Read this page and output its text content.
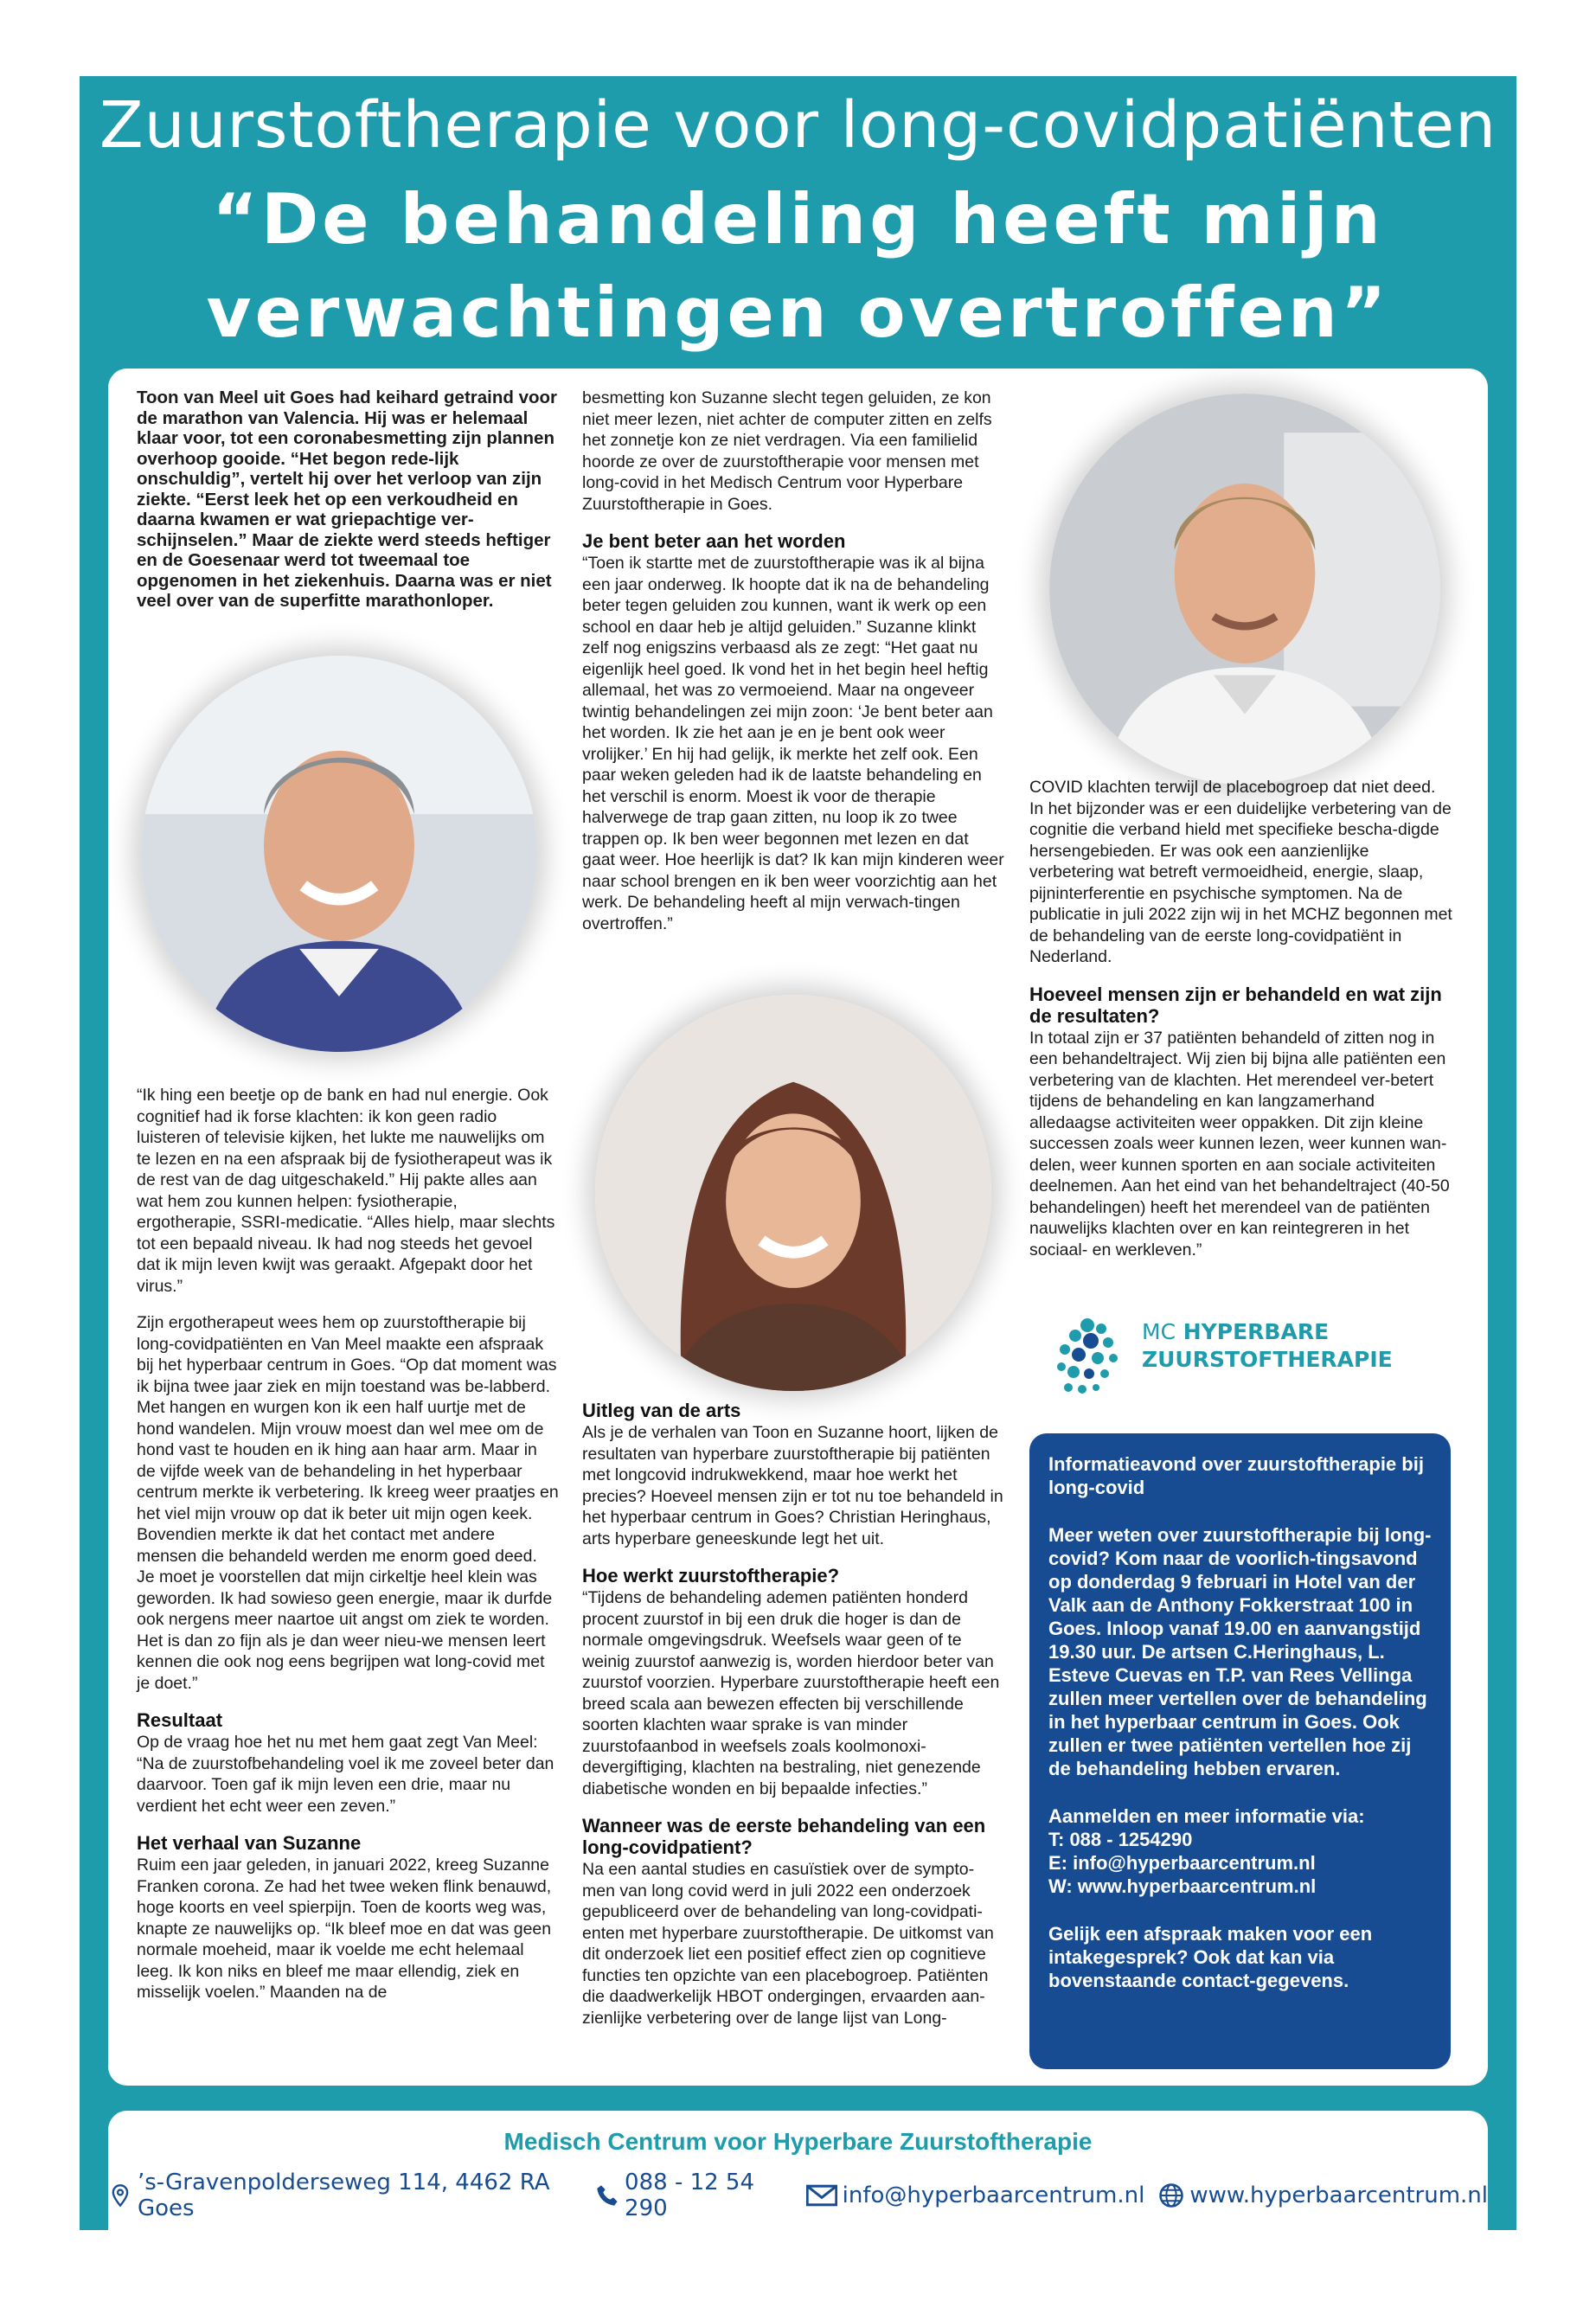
Zuurstoftherapie voor long-covidpatiënten
“De behandeling heeft mijn
verwachtingen overtroffen”
Medisch Centrum voor Hyperbare Zuurstoftherapie
’s-Gravenpolderseweg 114, 4462 RA Goes
088 - 12 54 290	info@hyperbaarcentrum.nl www.hyperbaarcentrum.nl

Toon van Meel uit Goes had keihard getraind voor de marathon van Valencia. Hij was er helemaal klaar voor, tot een coronabesmetting zijn plannen overhoop gooide. “Het begon rede-lijk onschuldig”, vertelt hij over het verloop van zijn ziekte. “Eerst leek het op een verkoudheid en daarna kwamen er wat griepachtige ver-schijnselen.” Maar de ziekte werd steeds heftiger en de Goesenaar werd tot tweemaal toe opgenomen in het ziekenhuis. Daarna was er niet veel over van de superfitte marathonloper.

“Ik hing een beetje op de bank en had nul energie. Ook cognitief had ik forse klachten: ik kon geen radio luisteren of televisie kijken, het lukte me nauwelijks om te lezen en na een afspraak bij de fysiotherapeut was ik de rest van de dag uitgeschakeld.” Hij pakte alles aan wat hem zou kunnen helpen: fysiotherapie, ergotherapie, SSRI-medicatie. “Alles hielp, maar slechts tot een bepaald niveau. Ik had nog steeds het gevoel dat ik mijn leven kwijt was geraakt. Afgepakt door het virus.”

Zijn ergotherapeut wees hem op zuurstoftherapie bij long-covidpatiënten en Van Meel maakte een afspraak bij het hyperbaar centrum in Goes. “Op dat moment was ik bijna twee jaar ziek en mijn toestand was be-labberd. Met hangen en wurgen kon ik een half uurtje met de hond wandelen. Mijn vrouw moest dan wel mee om de hond vast te houden en ik hing aan haar arm. Maar in de vijfde week van de behandeling in het hyperbaar centrum merkte ik verbetering. Ik kreeg weer praatjes en het viel mijn vrouw op dat ik beter uit mijn ogen keek. Bovendien merkte ik dat het contact met andere mensen die behandeld werden me enorm goed deed. Je moet je voorstellen dat mijn cirkeltje heel klein was geworden. Ik had sowieso geen energie, maar ik durfde ook nergens meer naartoe uit angst om ziek te worden. Het is dan zo fijn als je dan weer nieu-we mensen leert kennen die ook nog eens begrijpen wat long-covid met je doet.”

Resultaat

Op de vraag hoe het nu met hem gaat zegt Van Meel: “Na de zuurstofbehandeling voel ik me zoveel beter dan daarvoor. Toen gaf ik mijn leven een drie, maar nu verdient het echt weer een zeven.”

Het verhaal van Suzanne

Ruim een jaar geleden, in januari 2022, kreeg Suzanne Franken corona. Ze had het twee weken flink benauwd, hoge koorts en veel spierpijn. Toen de koorts weg was, knapte ze nauwelijks op. “Ik bleef moe en dat was geen normale moeheid, maar ik voelde me echt helemaal leeg. Ik kon niks en bleef me maar ellendig, ziek en misselijk voelen.” Maanden na de

besmetting kon Suzanne slecht tegen geluiden, ze kon niet meer lezen, niet achter de computer zitten en zelfs het zonnetje kon ze niet verdragen. Via een familielid hoorde ze over de zuurstoftherapie voor mensen met long-covid in het Medisch Centrum voor Hyperbare Zuurstoftherapie in Goes.

Je bent beter aan het worden

“Toen ik startte met de zuurstoftherapie was ik al bijna een jaar onderweg. Ik hoopte dat ik na de behandeling beter tegen geluiden zou kunnen, want ik werk op een school en daar heb je altijd geluiden.” Suzanne klinkt zelf nog enigszins verbaasd als ze zegt: “Het gaat nu eigenlijk heel goed. Ik vond het in het begin heel heftig allemaal, het was zo vermoeiend. Maar na ongeveer twintig behandelingen zei mijn zoon: ‘Je bent beter aan het worden. Ik zie het aan je en je bent ook weer vrolijker.’ En hij had gelijk, ik merkte het zelf ook. Een paar weken geleden had ik de laatste behandeling en het verschil is enorm. Moest ik voor de therapie halverwege de trap gaan zitten, nu loop ik zo twee trappen op. Ik ben weer begonnen met lezen en dat gaat weer. Hoe heerlijk is dat? Ik kan mijn kinderen weer naar school brengen en ik ben weer voorzichtig aan het werk. De behandeling heeft al mijn verwach-tingen overtroffen.”

Uitleg van de arts

Als je de verhalen van Toon en Suzanne hoort, lijken de resultaten van hyperbare zuurstoftherapie bij patiënten met longcovid indrukwekkend, maar hoe werkt het precies? Hoeveel mensen zijn er tot nu toe behandeld in het hyperbaar centrum in Goes? Christian Heringhaus, arts hyperbare geneeskunde legt het uit.

Hoe werkt zuurstoftherapie?

“Tijdens de behandeling ademen patiënten honderd procent zuurstof in bij een druk die hoger is dan de normale omgevingsdruk. Weefsels waar geen of te weinig zuurstof aanwezig is, worden hierdoor beter van zuurstof voorzien. Hyperbare zuurstoftherapie heeft een breed scala aan bewezen effecten bij verschillende soorten klachten waar sprake is van minder zuurstofaanbod in weefsels zoals koolmonoxi-devergiftiging, klachten na bestraling, niet genezende diabetische wonden en bij bepaalde infecties.”

Wanneer was de eerste behandeling van een long-covidpatient?

Na een aantal studies en casuïstiek over de sympto-men van long covid werd in juli 2022 een onderzoek gepubliceerd over de behandeling van long-covidpati-enten met hyperbare zuurstoftherapie. De uitkomst van dit onderzoek liet een positief effect zien op cognitieve functies ten opzichte van een placebogroep. Patiënten die daadwerkelijk HBOT ondergingen, ervaarden aan-zienlijke verbetering over de lange lijst van Long-

COVID klachten terwijl de placebogroep dat niet deed. In het bijzonder was er een duidelijke verbetering van de cognitie die verband hield met specifieke bescha-digde hersengebieden. Er was ook een aanzienlijke verbetering wat betreft vermoeidheid, energie, slaap, pijninterferentie en psychische symptomen. Na de publicatie in juli 2022 zijn wij in het MCHZ begonnen met de behandeling van de eerste long-covidpatiënt in Nederland.

Hoeveel mensen zijn er behandeld en wat zijn de resultaten?

In totaal zijn er 37 patiënten behandeld of zitten nog in een behandeltraject. Wij zien bij bijna alle patiënten een verbetering van de klachten. Het merendeel ver-betert tijdens de behandeling en kan langzamerhand alledaagse activiteiten weer oppakken. Dit zijn kleine successen zoals weer kunnen lezen, weer kunnen wan-delen, weer kunnen sporten en aan sociale activiteiten deelnemen. Aan het eind van het behandeltraject (40-50 behandelingen) heeft het merendeel van de patiënten nauwelijks klachten over en kan reintegreren in het sociaal- en werkleven.”

MC HYPERBARE
ZUURSTOFTHERAPIE

Informatieavond over zuurstoftherapie bij long-covid

Meer weten over zuurstoftherapie bij long-covid? Kom naar de voorlich-tingsavond op donderdag 9 februari in Hotel van der Valk aan de Anthony Fokkerstraat 100 in Goes. Inloop vanaf 19.00 en aanvangstijd 19.30 uur. De artsen C.Heringhaus, L. Esteve Cuevas en T.P. van Rees Vellinga zullen meer vertellen over de behandeling in het hyperbaar centrum in Goes. Ook zullen er twee patiënten vertellen hoe zij de behandeling hebben ervaren.

Aanmelden en meer informatie via:
T: 088 - 1254290
E: info@hyperbaarcentrum.nl
W: www.hyperbaarcentrum.nl

Gelijk een afspraak maken voor een intakegesprek? Ook dat kan via bovenstaande contact-gegevens.
